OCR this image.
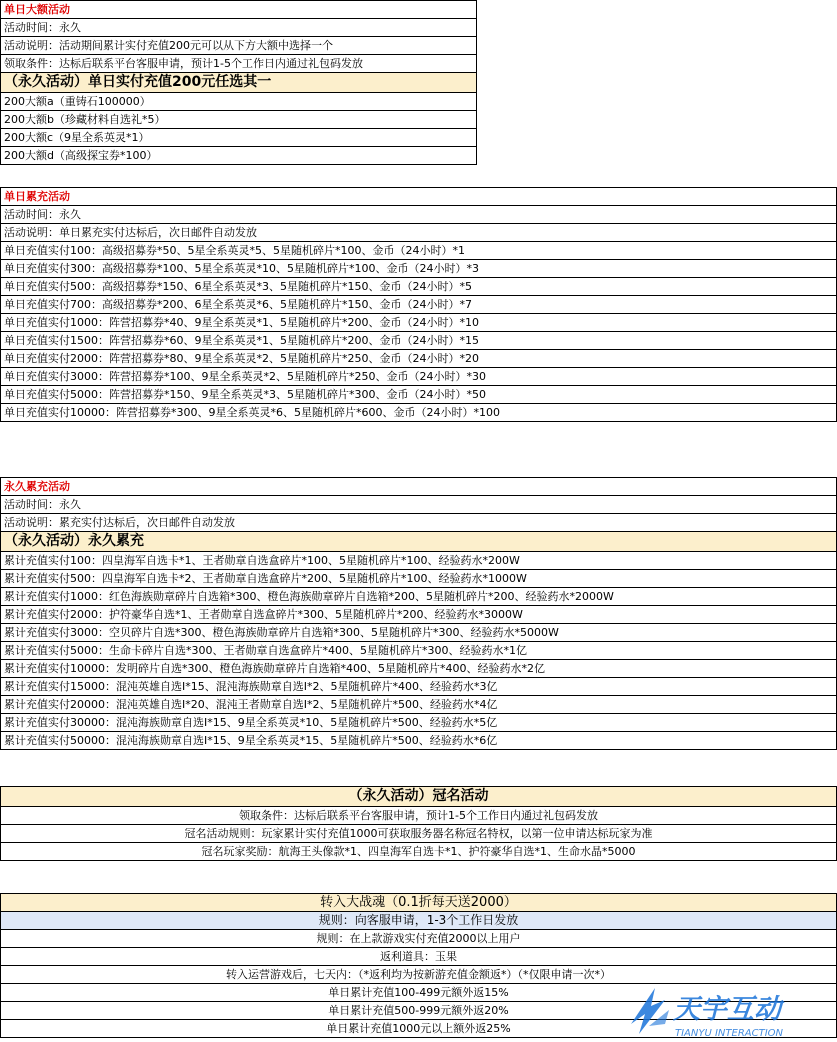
单日大额活动
活动时间：永久
活动说明：活动期间累计实付充值200元可以从下方大额中选择一个
领取条件：达标后联系平台客服申请，预计1-5个工作日内通过礼包码发放
（永久活动）单日实付充值200元任选其一
200大额a（重铸石100000）
200大额b（珍藏材料自选礼*5）
200大额c（9星全系英灵*1）
200大额d（高级探宝券*100）
单日累充活动
活动时间：永久
活动说明：单日累充实付达标后，次日邮件自动发放
单日充值实付100：高级招募券*50、5星全系英灵*5、5星随机碎片*100、金币（24小时）*1
单日充值实付300：高级招募券*100、5星全系英灵*10、5星随机碎片*100、金币（24小时）*3
单日充值实付500：高级招募券*150、6星全系英灵*3、5星随机碎片*150、金币（24小时）*5
单日充值实付700：高级招募券*200、6星全系英灵*6、5星随机碎片*150、金币（24小时）*7
单日充值实付1000：阵营招募券*40、9星全系英灵*1、5星随机碎片*200、金币（24小时）*10
单日充值实付1500：阵营招募券*60、9星全系英灵*1、5星随机碎片*200、金币（24小时）*15
单日充值实付2000：阵营招募券*80、9星全系英灵*2、5星随机碎片*250、金币（24小时）*20
单日充值实付3000：阵营招募券*100、9星全系英灵*2、5星随机碎片*250、金币（24小时）*30
单日充值实付5000：阵营招募券*150、9星全系英灵*3、5星随机碎片*300、金币（24小时）*50
单日充值实付10000：阵营招募券*300、9星全系英灵*6、5星随机碎片*600、金币（24小时）*100
永久累充活动
活动时间：永久
活动说明：累充实付达标后，次日邮件自动发放
（永久活动）永久累充
累计充值实付100：四皇海军自选卡*1、王者勋章自选盒碎片*100、5星随机碎片*100、经验药水*200W
累计充值实付500：四皇海军自选卡*2、王者勋章自选盒碎片*200、5星随机碎片*100、经验药水*1000W
累计充值实付1000：红色海族勋章碎片自选箱*300、橙色海族勋章碎片自选箱*200、5星随机碎片*200、经验药水*2000W
累计充值实付2000：护符豪华自选*1、王者勋章自选盒碎片*300、5星随机碎片*200、经验药水*3000W
累计充值实付3000：空贝碎片自选*300、橙色海族勋章碎片自选箱*300、5星随机碎片*300、经验药水*5000W
累计充值实付5000：生命卡碎片自选*300、王者勋章自选盒碎片*400、5星随机碎片*300、经验药水*1亿
累计充值实付10000：发明碎片自选*300、橙色海族勋章碎片自选箱*400、5星随机碎片*400、经验药水*2亿
累计充值实付15000：混沌英雄自选Ⅰ*15、混沌海族勋章自选Ⅰ*2、5星随机碎片*400、经验药水*3亿
累计充值实付20000：混沌英雄自选Ⅰ*20、混沌王者勋章自选Ⅰ*2、5星随机碎片*500、经验药水*4亿
累计充值实付30000：混沌海族勋章自选Ⅰ*15、9星全系英灵*10、5星随机碎片*500、经验药水*5亿
累计充值实付50000：混沌海族勋章自选Ⅰ*15、9星全系英灵*15、5星随机碎片*500、经验药水*6亿
（永久活动）冠名活动
领取条件：达标后联系平台客服申请，预计1-5个工作日内通过礼包码发放
冠名活动规则：玩家累计实付充值1000可获取服务器名称冠名特权，以第一位申请达标玩家为准
冠名玩家奖励：航海王头像款*1、四皇海军自选卡*1、护符豪华自选*1、生命水晶*5000
转入大战魂（0.1折每天送2000）
规则：向客服申请，1-3个工作日发放
规则：在上款游戏实付充值2000以上用户
返利道具：玉果
转入运营游戏后，七天内：（*返利均为按新游充值金额返*）（*仅限申请一次*）
单日累计充值100-499元额外返15%
单日累计充值500-999元额外返20%
单日累计充值1000元以上额外返25%
天宇互动
TIANYU INTERACTION
